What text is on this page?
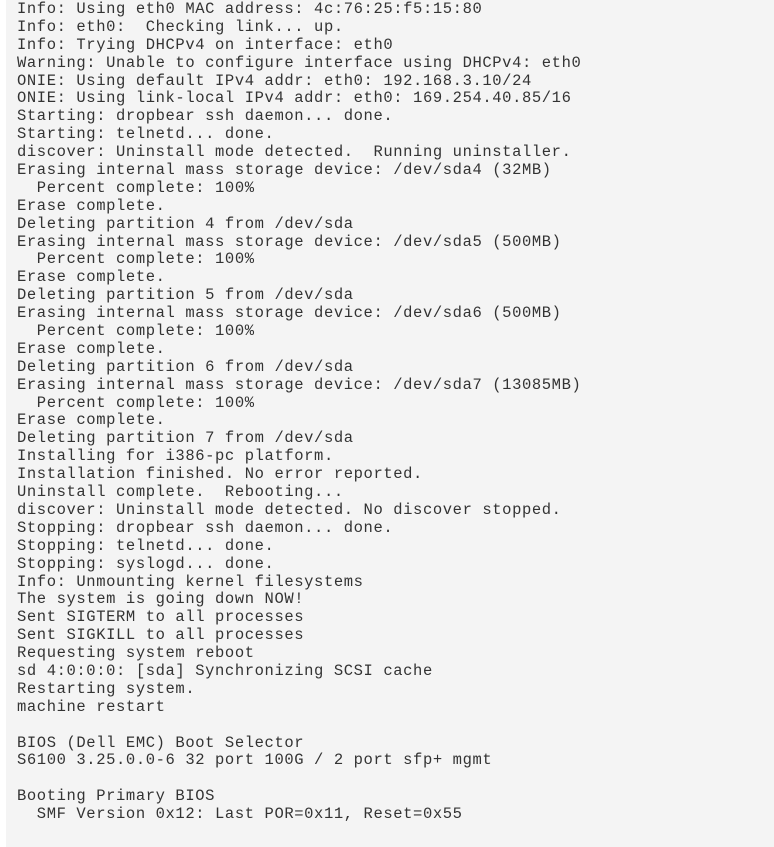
Info: Using eth0 MAC address: 4c:76:25:f5:15:80
Info: eth0:  Checking link... up.
Info: Trying DHCPv4 on interface: eth0
Warning: Unable to configure interface using DHCPv4: eth0
ONIE: Using default IPv4 addr: eth0: 192.168.3.10/24
ONIE: Using link-local IPv4 addr: eth0: 169.254.40.85/16
Starting: dropbear ssh daemon... done.
Starting: telnetd... done.
discover: Uninstall mode detected.  Running uninstaller.
Erasing internal mass storage device: /dev/sda4 (32MB)
Percent complete: 100%
Erase complete.
Deleting partition 4 from /dev/sda
Erasing internal mass storage device: /dev/sda5 (500MB)
Percent complete: 100%
Erase complete.
Deleting partition 5 from /dev/sda
Erasing internal mass storage device: /dev/sda6 (500MB)
Percent complete: 100%
Erase complete.
Deleting partition 6 from /dev/sda
Erasing internal mass storage device: /dev/sda7 (13085MB)
Percent complete: 100%
Erase complete.
Deleting partition 7 from /dev/sda
Installing for i386-pc platform.
Installation finished. No error reported.
Uninstall complete.  Rebooting...
discover: Uninstall mode detected. No discover stopped.
Stopping: dropbear ssh daemon... done.
Stopping: telnetd... done.
Stopping: syslogd... done.
Info: Unmounting kernel filesystems
The system is going down NOW!
Sent SIGTERM to all processes
Sent SIGKILL to all processes
Requesting system reboot
sd 4:0:0:0: [sda] Synchronizing SCSI cache
Restarting system.
machine restart
BIOS (Dell EMC) Boot Selector
S6100 3.25.0.0-6 32 port 100G / 2 port sfp+ mgmt
Booting Primary BIOS
SMF Version 0x12: Last POR=0x11, Reset=0x55
